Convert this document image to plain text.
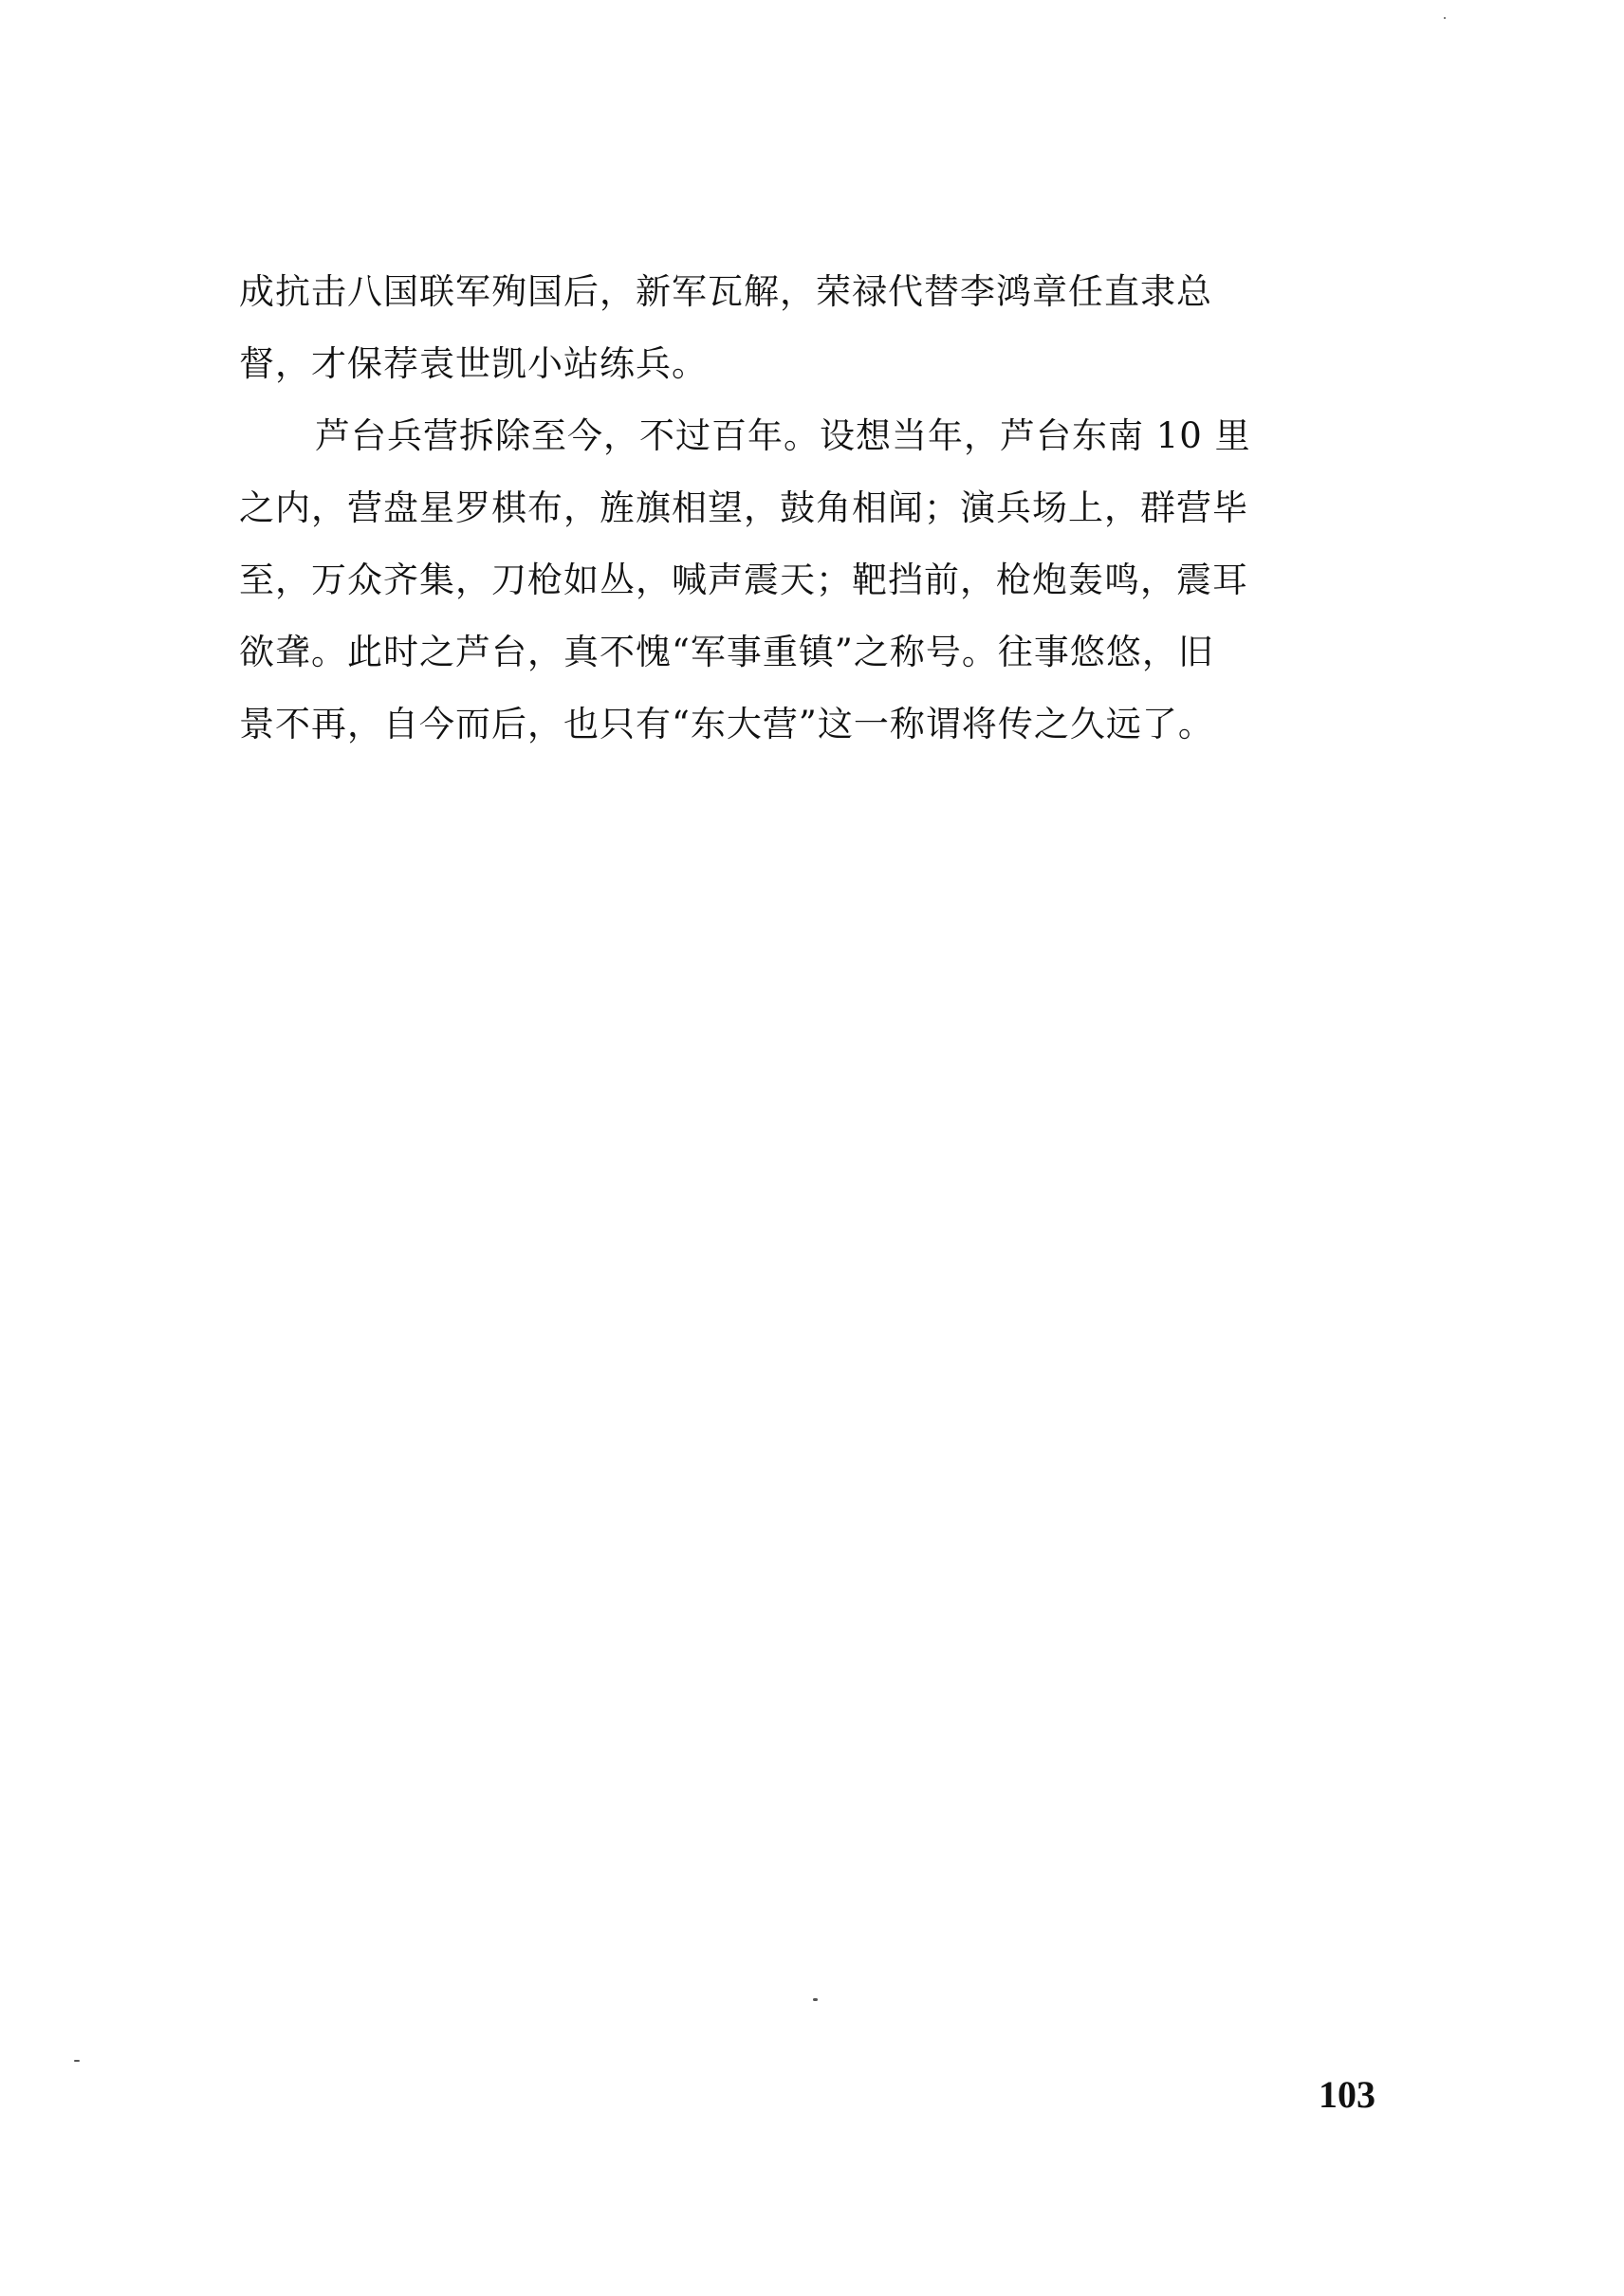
成抗击八国联军殉国后，新军瓦解，荣禄代替李鸿章任直隶总
督，才保荐袁世凯小站练兵。
芦台兵营拆除至今，不过百年。设想当年，芦台东南 10 里
之内，营盘星罗棋布，旌旗相望，鼓角相闻；演兵场上，群营毕
至，万众齐集，刀枪如丛，喊声震天；靶挡前，枪炮轰鸣，震耳
欲聋。此时之芦台，真不愧“军事重镇”之称号。往事悠悠，旧
景不再，自今而后，也只有“东大营”这一称谓将传之久远了。
103
